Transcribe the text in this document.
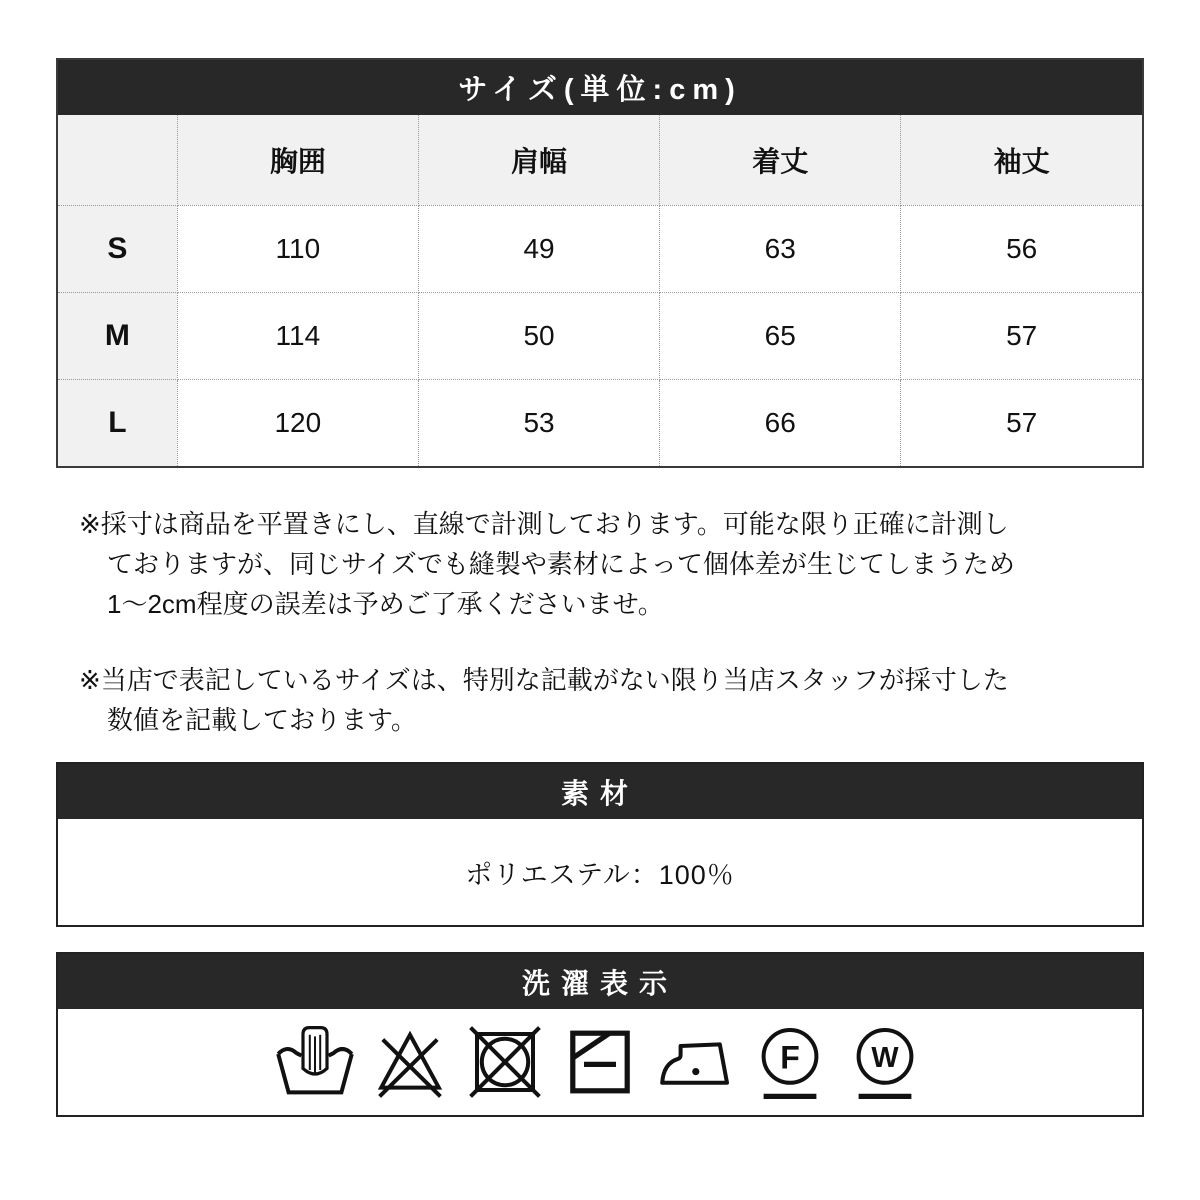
サイズ(単位:cm)
	胸囲	肩幅	着丈	袖丈
S	110	49	63	56
M	114	50	65	57
L	120	53	66	57
※採寸は商品を平置きにし、直線で計測しております。可能な限り正確に計測し
ておりますが、同じサイズでも縫製や素材によって個体差が生じてしまうため
1〜2cm程度の誤差は予めご了承くださいませ。
※当店で表記しているサイズは、特別な記載がない限り当店スタッフが採寸した
数値を記載しております。
素材
ポリエステル：100％
洗濯表示
F W
